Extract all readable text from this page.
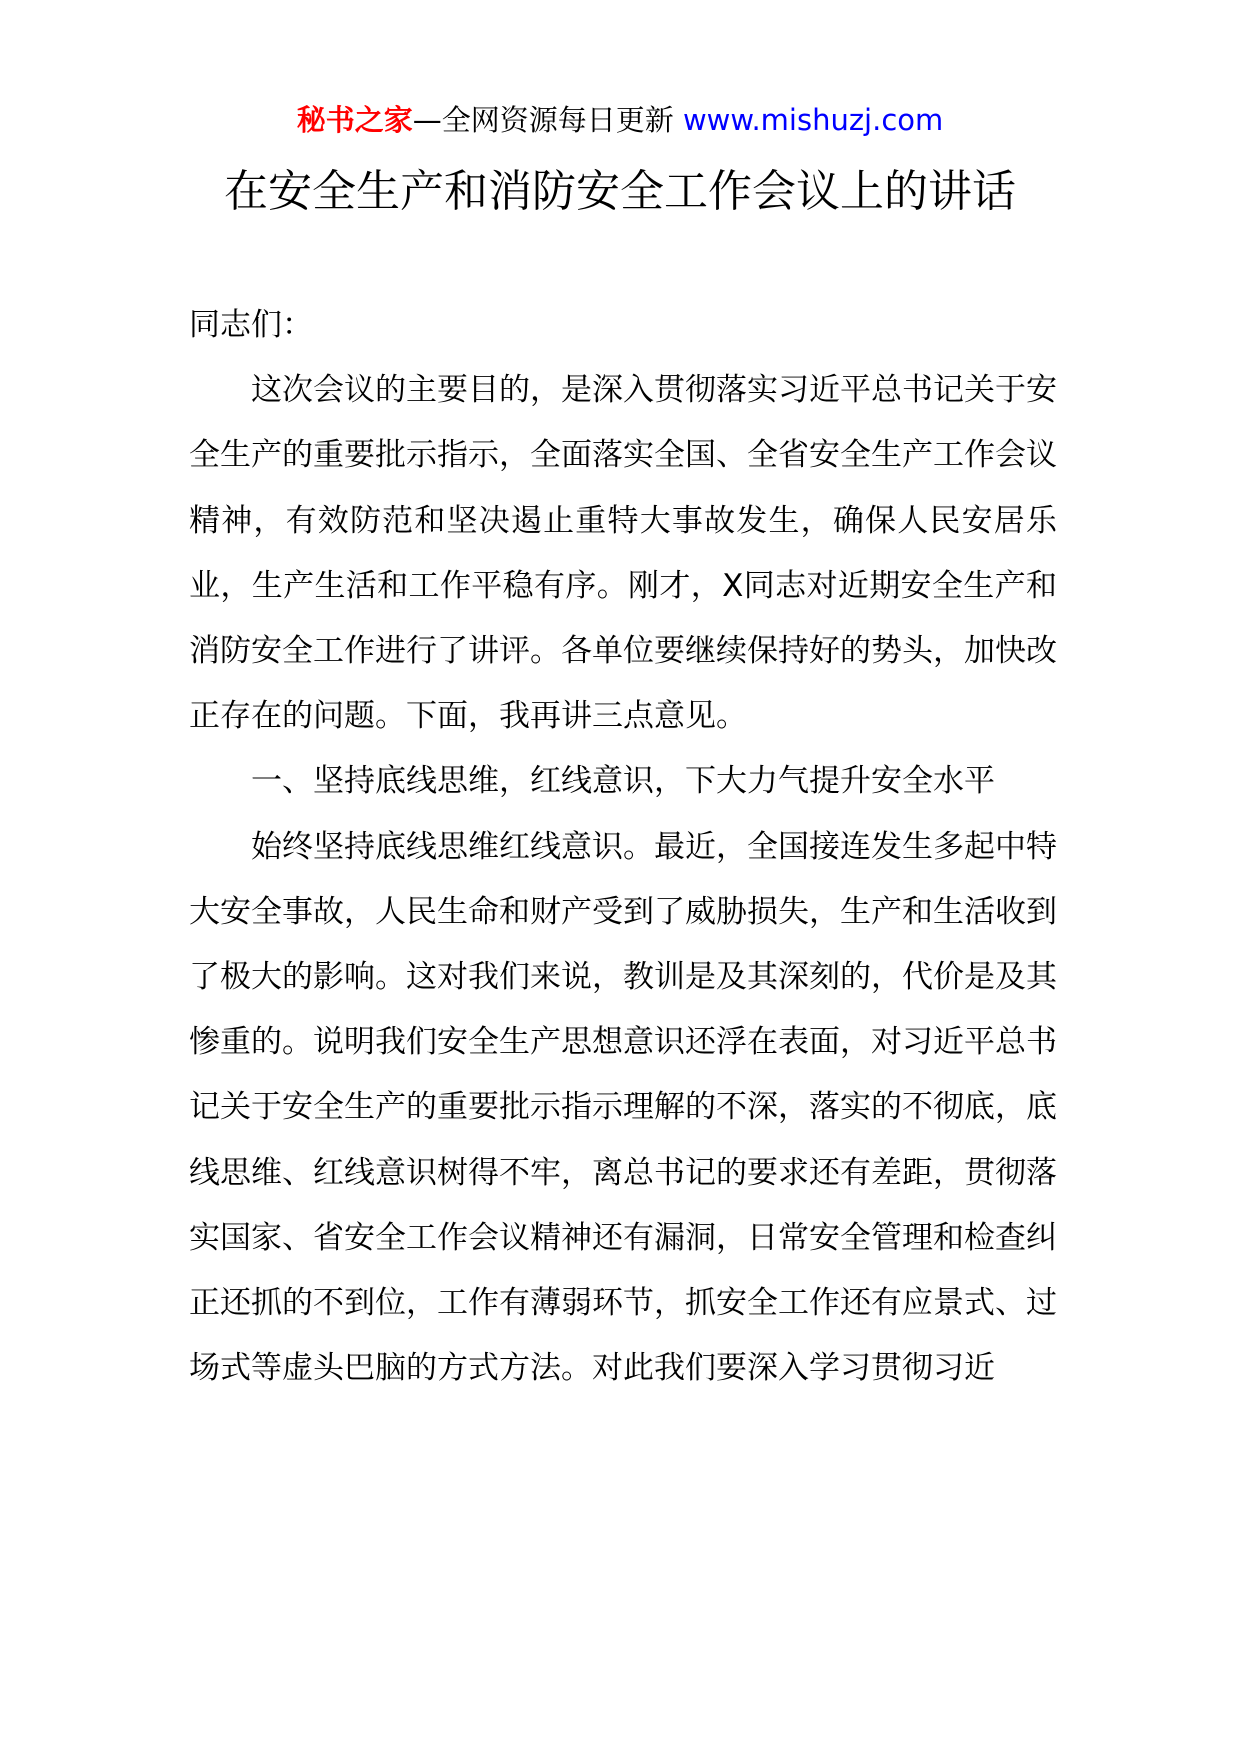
秘书之家—全网资源每日更新 www.mishuzj.com
在安全生产和消防安全工作会议上的讲话

同志们：

这次会议的主要目的，是深入贯彻落实习近平总书记关于安全生产的重要批示指示，全面落实全国、全省安全生产工作会议精神，有效防范和坚决遏止重特大事故发生，确保人民安居乐业，生产生活和工作平稳有序。刚才，X同志对近期安全生产和消防安全工作进行了讲评。各单位要继续保持好的势头，加快改正存在的问题。下面，我再讲三点意见。

一、坚持底线思维，红线意识，下大力气提升安全水平

始终坚持底线思维红线意识。最近，全国接连发生多起中特大安全事故，人民生命和财产受到了威胁损失，生产和生活收到了极大的影响。这对我们来说，教训是及其深刻的，代价是及其惨重的。说明我们安全生产思想意识还浮在表面，对习近平总书记关于安全生产的重要批示指示理解的不深，落实的不彻底，底线思维、红线意识树得不牢，离总书记的要求还有差距，贯彻落实国家、省安全工作会议精神还有漏洞，日常安全管理和检查纠正还抓的不到位，工作有薄弱环节，抓安全工作还有应景式、过场式等虚头巴脑的方式方法。对此我们要深入学习贯彻习近
